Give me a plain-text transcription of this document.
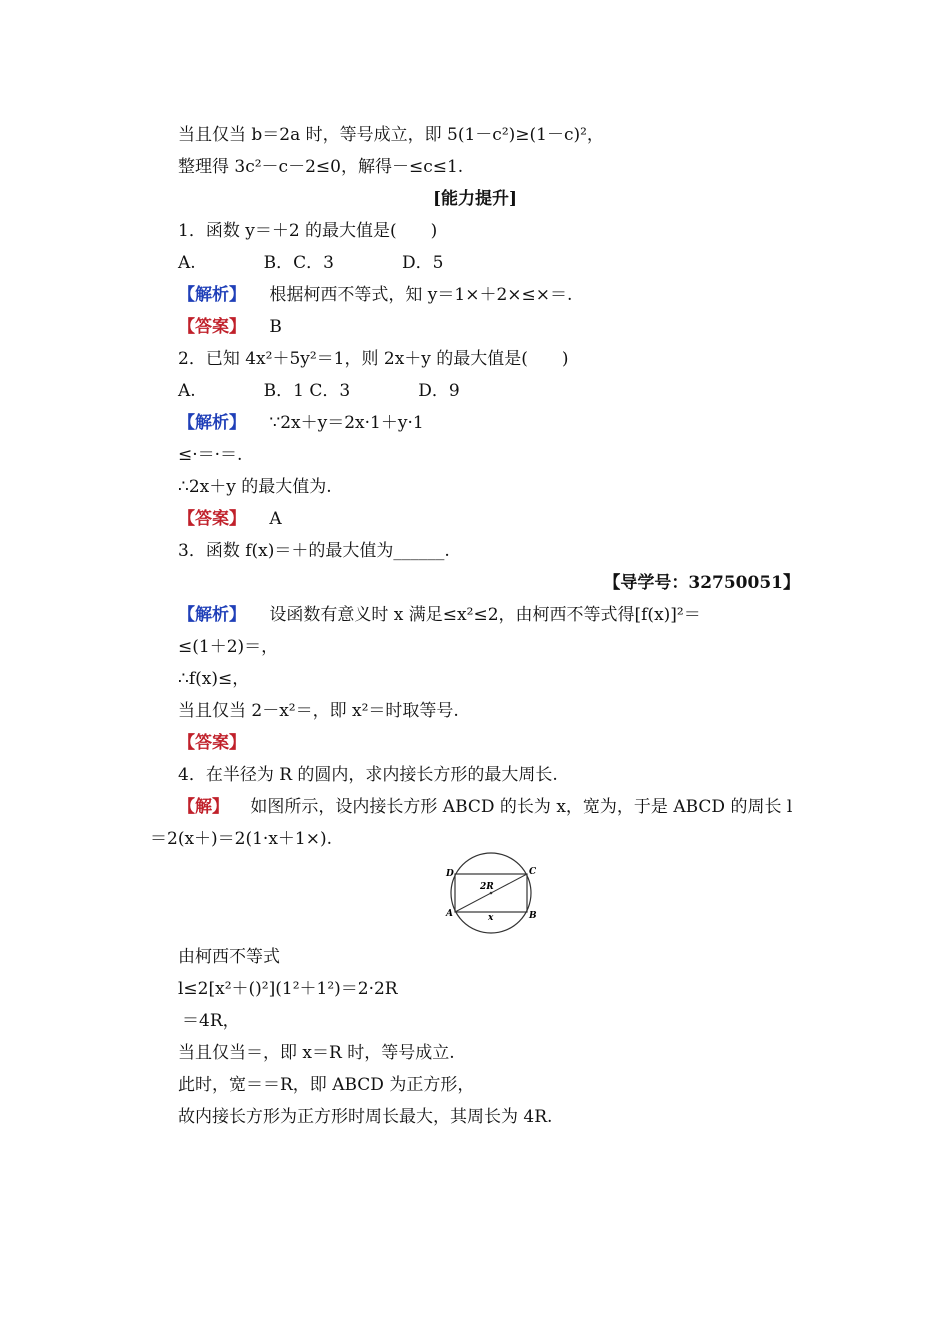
当且仅当 b＝2a 时，等号成立，即 5(1－c²)≥(1－c)²，
整理得 3c²－c－2≤0，解得－≤c≤1.
[能力提升]
1．函数 y＝＋2 的最大值是(　　)
A.　　　　B．C．3　　　　D．5
【解析】 根据柯西不等式，知 y＝1×＋2×≤×＝.
【答案】 B
2．已知 4x²＋5y²＝1，则 2x＋y 的最大值是(　　)
A.　　　　B．1 C．3　　　　D．9
【解析】 ∵2x＋y＝2x·1＋y·1
≤·＝·＝.
∴2x＋y 的最大值为.
【答案】 A
3．函数 f(x)＝＋的最大值为______.
【导学号：32750051】
【解析】 设函数有意义时 x 满足≤x²≤2，由柯西不等式得[f(x)]²＝
≤(1＋2)＝，
∴f(x)≤，
当且仅当 2－x²＝，即 x²＝时取等号.
【答案】
4．在半径为 R 的圆内，求内接长方形的最大周长.
【解】 如图所示，设内接长方形 ABCD 的长为 x，宽为，于是 ABCD 的周长 l
＝2(x＋)＝2(1·x＋1×).
D	C
A	B
2R
x
由柯西不等式
l≤2[x²＋()²](1²＋1²)＝2·2R
＝4R，
当且仅当＝，即 x＝R 时，等号成立.
此时，宽＝＝R，即 ABCD 为正方形，
故内接长方形为正方形时周长最大，其周长为 4R.
